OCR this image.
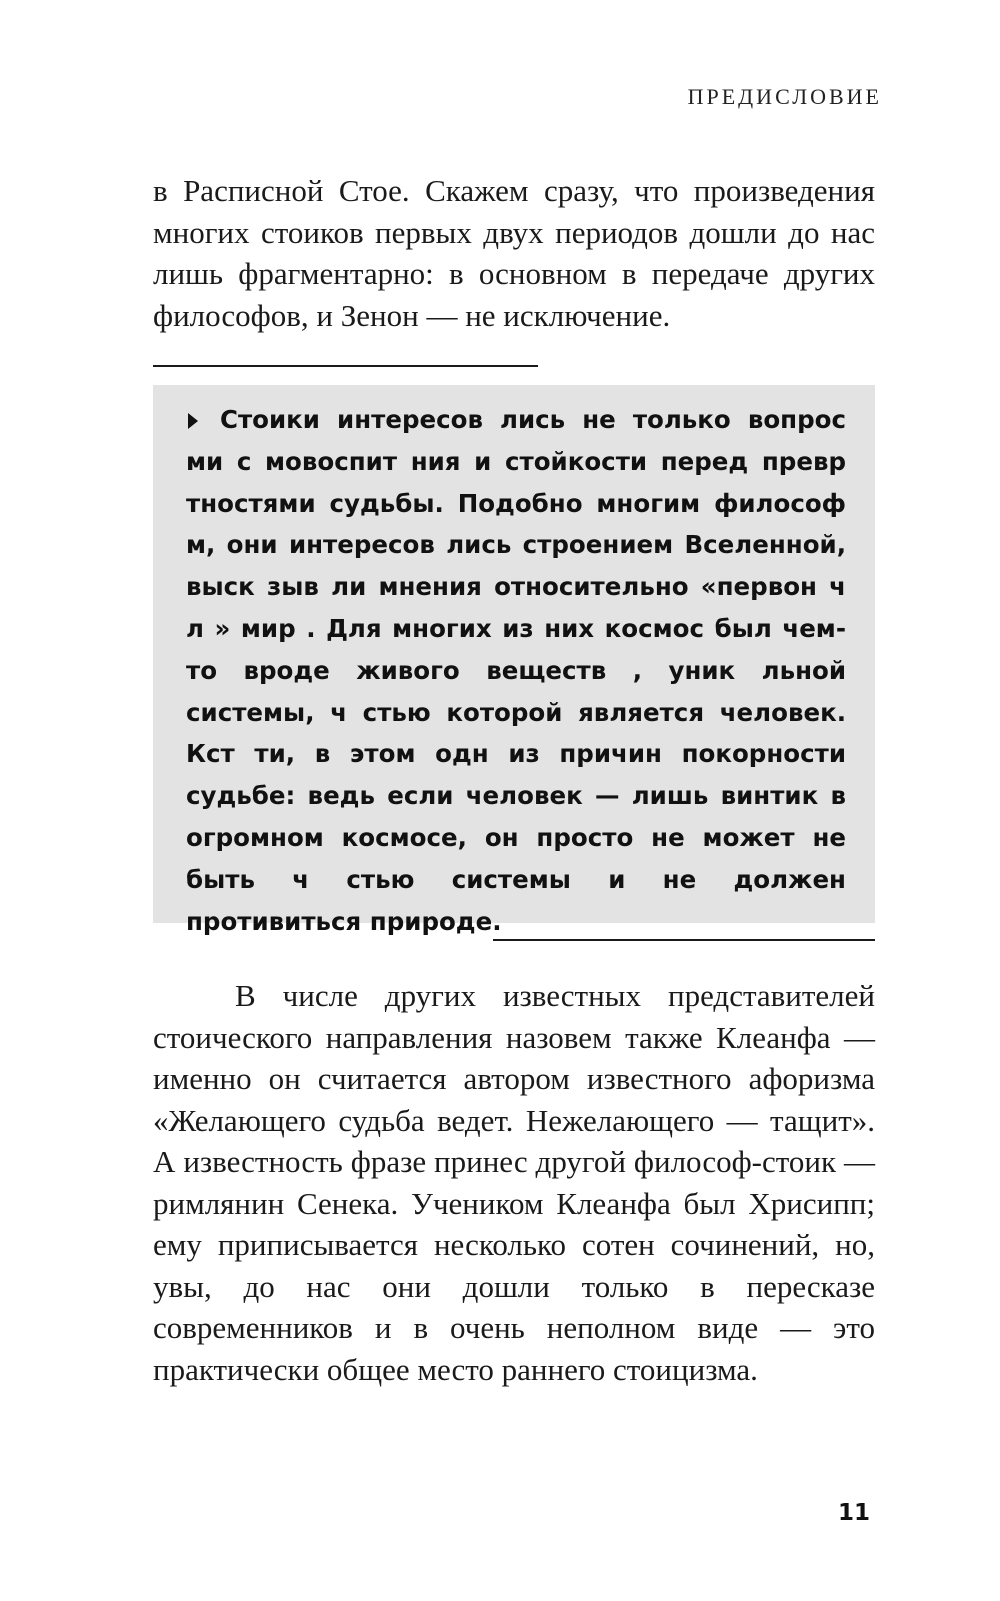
ПРЕДИСЛОВИЕ
в Расписной Стое. Скажем сразу, что произведения многих стоиков первых двух периодов дошли до нас лишь фрагментарно: в основном в передаче других философов, и Зенон — не исключение.
Стоики интересов лись не только вопрос ми с мовоспит ния и стойкости перед превр тностями судьбы. Подобно многим философ м, они интересов лись строением Вселенной, выск зыв ли мнения относительно «первон ч л » мир . Для многих из них космос был чем-то вроде живого веществ , уник льной системы, ч стью которой является человек. Кст ти, в этом одн из причин покорности судьбе: ведь если человек — лишь винтик в огромном космосе, он просто не может не быть ч стью системы и не должен противиться природе.
В числе других известных представителей стоического направления назовем также Клеанфа — именно он считается автором известного афоризма «Желающего судьба ведет. Нежелающего — тащит». А известность фразе принес другой философ-стоик — римлянин Сенека. Учеником Клеанфа был Хрисипп; ему приписывается несколько сотен сочинений, но, увы, до нас они дошли только в пересказе современников и в очень неполном виде — это практически общее место раннего стоицизма.
11
